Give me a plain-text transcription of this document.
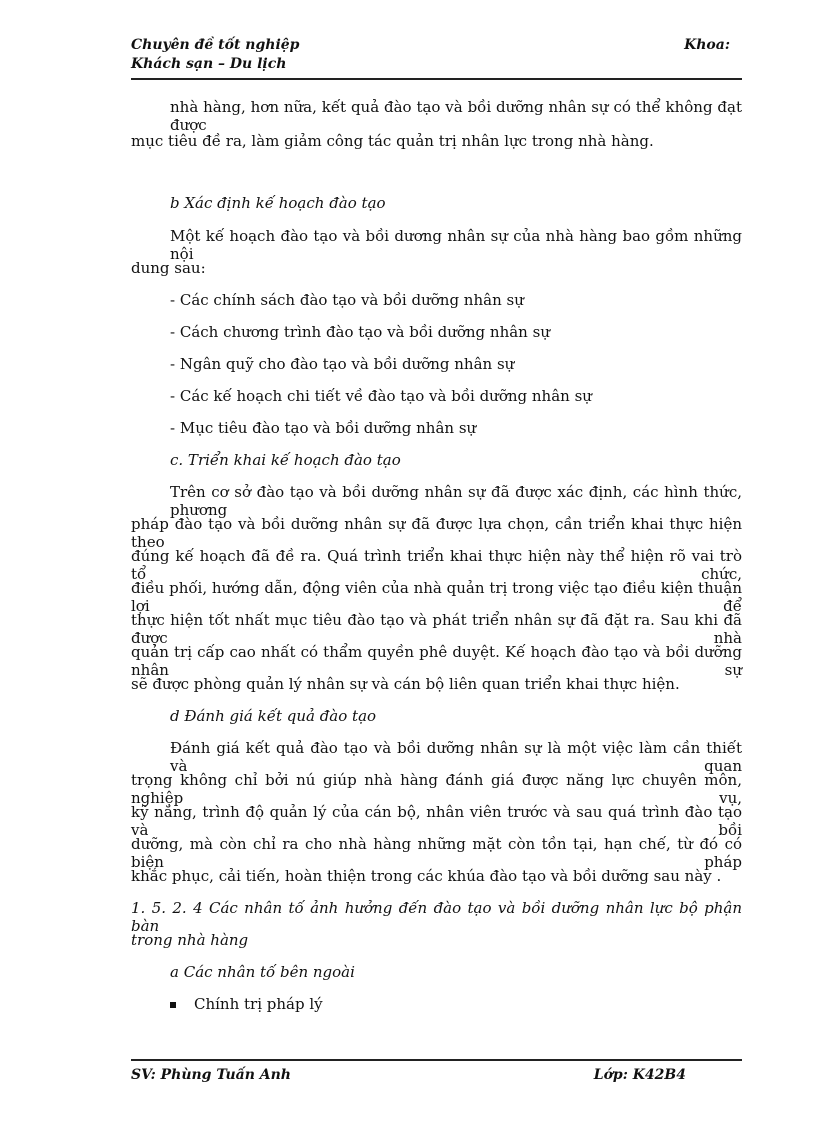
Chuyên đề tốt nghiệp
Khách sạn – Du lịch
Khoa:
nhà hàng, hơn nữa, kết quả đào tạo và bồi dưỡng nhân sự có thể không đạt được
mục tiêu đề ra, làm giảm công tác quản trị nhân lực trong nhà hàng.
b Xác định kế hoạch đào tạo
Một kế hoạch đào tạo và bồi dương nhân sự của nhà hàng bao gồm những nội
dung sau:
- Các chính sách đào tạo và bồi dưỡng nhân sự
- Cách chương trình đào tạo và bồi dưỡng nhân sự
- Ngân quỹ cho đào tạo và bồi dưỡng nhân sự
- Các kế hoạch chi tiết về đào tạo và bồi dưỡng nhân sự
- Mục tiêu đào tạo và bồi dưỡng nhân sự
c. Triển khai kế hoạch đào tạo
Trên cơ sở đào tạo và bồi dưỡng nhân sự đã được xác định, các hình thức, phương
pháp đào tạo và bồi dưỡng nhân sự đã được lựa chọn, cần triển khai thực hiện theo
đúng kế hoạch đã đề ra. Quá trình triển khai thực hiện này thể hiện rõ vai trò tổ chức,
điều phối, hướng dẫn, động viên của nhà quản trị trong việc tạo điều kiện thuận lợi để
thực hiện tốt nhất mục tiêu đào tạo và phát triển nhân sự đã đặt ra. Sau khi đã được nhà
quản trị cấp cao nhất có thẩm quyền phê duyệt. Kế hoạch đào tạo và bồi dưỡng nhân sự
sẽ được phòng quản lý nhân sự và cán bộ liên quan triển khai thực hiện.
d Đánh giá kết quả đào tạo
Đánh giá kết quả đào tạo và bồi dưỡng nhân sự là một việc làm cần thiết và quan
trọng không chỉ bởi nú giúp nhà hàng đánh giá được năng lực chuyên môn, nghiệp vụ,
kỹ năng, trình độ quản lý của cán bộ, nhân viên trước và sau quá trình đào tạo và bồi
dưỡng, mà còn chỉ ra cho nhà hàng những mặt còn tồn tại, hạn chế, từ đó có biện pháp
khắc phục, cải tiến, hoàn thiện trong các khúa đào tạo và bồi dưỡng sau này .
1. 5. 2. 4 Các nhân tố ảnh hưởng đến đào tạo và bồi dưỡng nhân lực bộ phận bàn
trong nhà hàng
a Các nhân tố bên ngoài
Chính trị pháp lý
SV: Phùng Tuấn Anh	Lớp: K42B4
